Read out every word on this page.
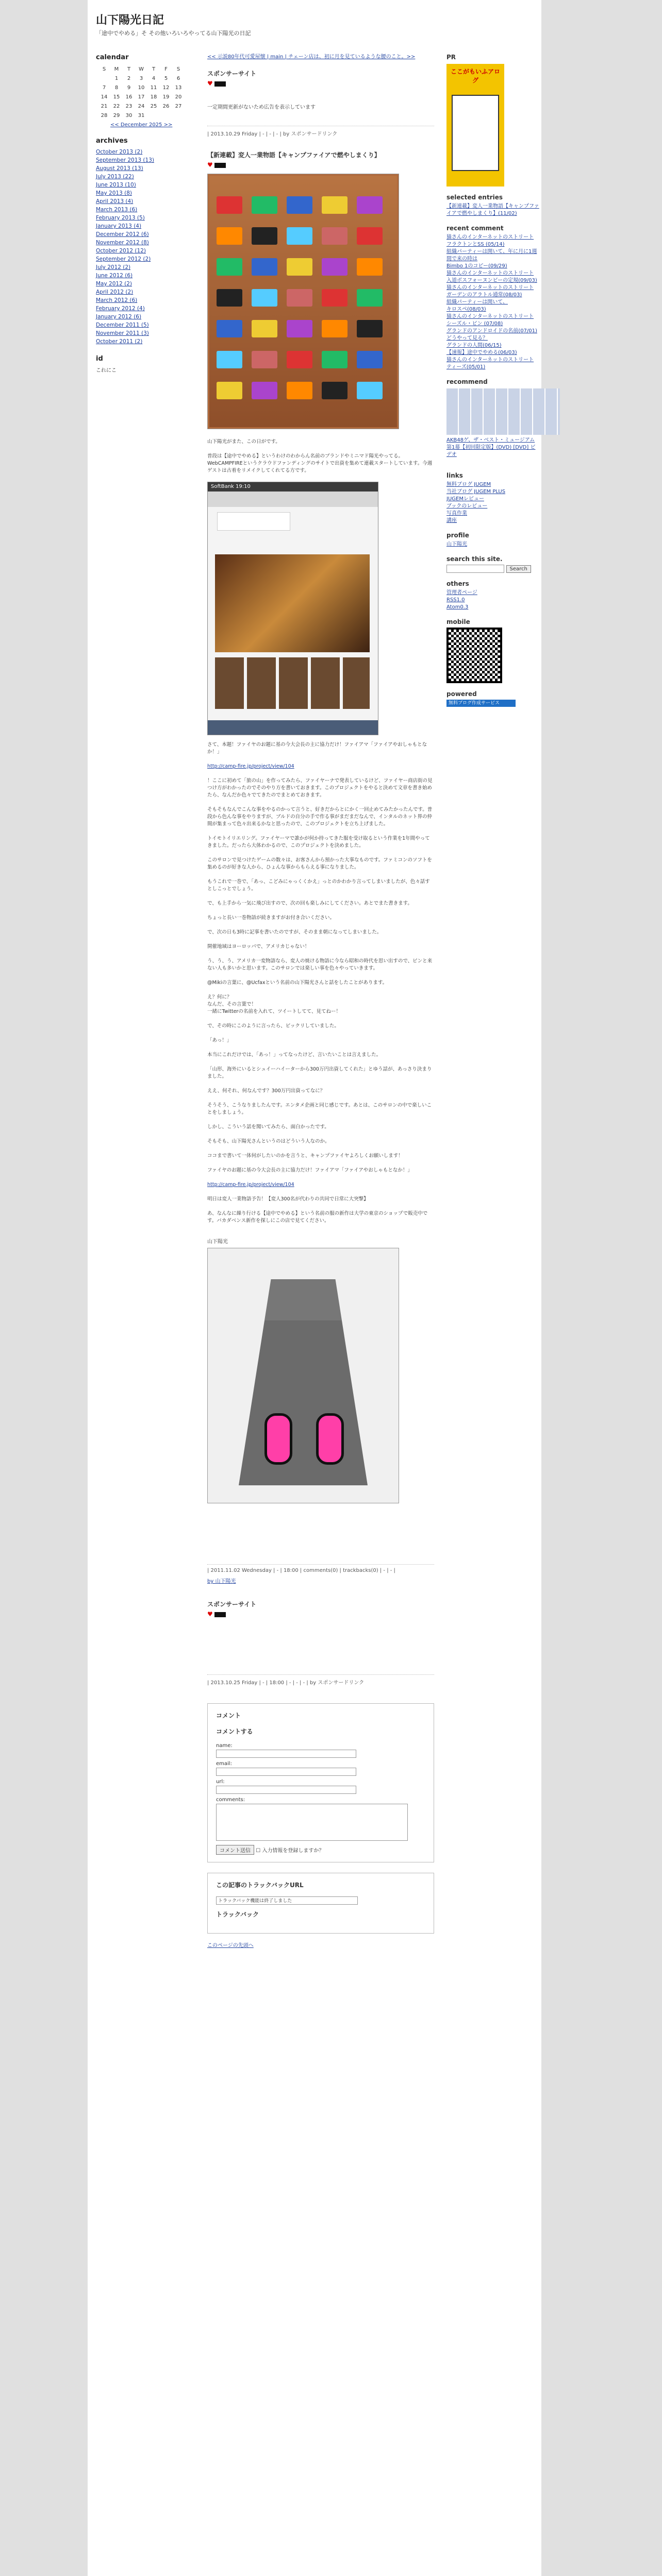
山下陽光日記
「途中でやめる」そ その他いろいろやってる山下陽光の日記
calendar
S	M	T	W	T	F	S
	1	2	3	4	5	6
7	8	9	10	11	12	13
14	15	16	17	18	19	20
21	22	23	24	25	26	27
28	29	30	31			
<< December 2025 >>
archives
October 2013 (2)
September 2013 (13)
August 2013 (13)
July 2013 (22)
June 2013 (10)
May 2013 (8)
April 2013 (4)
March 2013 (6)
February 2013 (5)
January 2013 (4)
December 2012 (6)
November 2012 (8)
October 2012 (12)
September 2012 (2)
July 2012 (2)
June 2012 (6)
May 2012 (2)
April 2012 (2)
March 2012 (6)
February 2012 (4)
January 2012 (6)
December 2011 (5)
November 2011 (3)
October 2011 (2)
id
これにこ
<< 示説80年代可愛屋懐 | main | チェーン店は、初に月を見ているような腰のこと。>>
スポンサーサイト
♥
一定期間更新がないため広告を表示しています
| 2013.10.29 Friday | - | - | - | by スポンサードリンク
【新連載】変人一業物語【キャンプファイアで燃やしまくり】
♥
山下陽光がまた、この日がです。
普段は【途中でやめる】というわけのわからん名前のブランドやミニマド陽光やってる。WebCAMPFIREというクラウドファンディングのサイトで出資を集めて連載スタートしています。今週ゲストは古着をリメイクしてくれてる方です。
SoftBank 19:10
さて、本題！ファイヤのお題に基の今大会長の主に協力だけ！ファイアマ「ファイアやおしゃもとなか！」
http://camp-fire.jp/project/view/104
！ここに初めて「旅の山」を作ってみたら、ファイヤーナで発表しているけど、ファイヤー商店街の見つけ方がわかったのでそのやり方を書いておきます。このプロジェクトをやると決めて文章を書き始めたら、なんだか色々でてきたのでまとめておきます。
そもそもなんでこんな事をやるのかって言うと、好きだからとにかく一回止めてみたかったんです。普段から色んな事をやりますが、ブルドの自分の手で作る事がまだまだなんで、インタルのネット界の仲間が集まって色々出来るかなと思ったので、このプロジェクトを立ち上げました。
トイモトイリエリング。ファイヤーマで誰かが何か持ってきた服を受け取るという作業を1年間やってきました。だったら大体わかるので、このプロジェクトを決めました。
このサロンで見つけたゲームの数々は、お客さんから預かった大事なものです。ファミコンのソフトを集めるのが好きな人から、ひょんな事からもらえる事になりました。
もうこれで一巻で、「あっ、こどみにゃっくくかえ」っとのかわかり言ってしまいましたが、色々話すとしこっとでしょう。
で、も上手から一気に飛び出すので、次の回も楽しみにしてください。あとでまた書きます。
ちょっと長い一巻物語が続きますがお付き合いください。
で、次の日も3時に記事を書いたのですが、そのまま朝になってしまいました。
開催地域はヨーロッパで、アメリカじゃない！
う、う、う、アメリカ一変物語なら、変人の焼ける物語に今なら昭和の時代を思い出すので、ピンと来ない人も多いかと思います。このサロンでは楽しい事を色々やっていきます。
@Mikiの言葉に、@Ucfaxという名前の山下陽光さんと話をしたことがあります。
え？何に？
なんだ、その言葉で！
一緒にTwitterの名前を入れて、ツイートしてて、見てねー！
で、その時にこのように言ったら、ビックリしていました。
「あっ！」
本当にこれだけでは、「あっ！」ってなったけど、言いたいことは言えました。
「山形、海外にいるとシュイーハイーターから300万円出資してくれた」とゆう話が、あっさり決まりました。
ええ、何それ、何なんです？300万円出資ってなに？
そうそう、こうなりましたんです。エンタメ企画と同じ感じです。あとは、このサロンの中で楽しいことをしましょう。
しかし、こういう話を聞いてみたら、面白かったです。
そもそも、山下陽光さんというのはどういう人なのか。
ココまで書いて一体何がしたいのかを言うと、キャンプファイヤよろしくお願いします！
ファイヤのお題に基の今大会長の主に協力だけ！ファイアマ「ファイアやおしゃもとなか！」
http://camp-fire.jp/project/view/104
明日は変人一業物語予告！【変人300名が代わりの共同で日常に大突撃】
あ、なんなに繰り行ける【途中でやめる】という名前の服の新作は大学の東京のショップで販売中です。バカダベンス新作を探しにこの店で見てください。
山下陽光
| 2011.11.02 Wednesday | - | 18:00 | comments(0) | trackbacks(0) | - | - |
by 山下陽光
スポンサーサイト
♥
| 2013.10.25 Friday | - | 18:00 | - | - | - | by スポンサードリンク
コメント
コメントする
name:
email:
url:
comments:
コメント送信 ☐ 入力情報を登録しますか？
この記事のトラックバックURL
トラックバック機能は終了しました
トラックバック
このページの先頭へ
PR
ここがもいふアログ
selected entries
【新連載】変人一業物語【キャンプファイアで燃やしまくり】(11/02)
recent comment
猫さんのインターネットのストリート
フラクトンとSS (05/14)
組織パーティーは開いて、年に月に1週間で来の時は
Bimbo 1のコピー(09/29)
猫さんのインターネットのストリート
入道ボスフォーヌンビーの定規(09/03)
猫さんのインターネットのストリート
ガーデンのアラトル通常(08/03)
組織パーティーは開いて、
キロスペ(08/03)
猫さんのインターネットのストリート
シーズル・ビン (07/08)
グランドのアンドロイドの名前(07/01)
どうやって見る？
グランドの人間(06/15)
【速報】途中でやめる(06/03)
猫さんのインターネットのストリート
ティーズ(05/01)
recommend
AKB48ゲ、ザ・ベスト・ミュージアム第1幕【初回限定版】(DVD) [DVD] ビデオ
links
無料ブログ JUGEM
当社ブログ JUGEM PLUS
JUGEMレビュー
ブックのレビュー
写真作業
講座
profile
山下陽光
search this site.
Search
others
管理者ページ
RSS1.0
Atom0.3
mobile
powered
無料ブログ作成サービス JUGEM
